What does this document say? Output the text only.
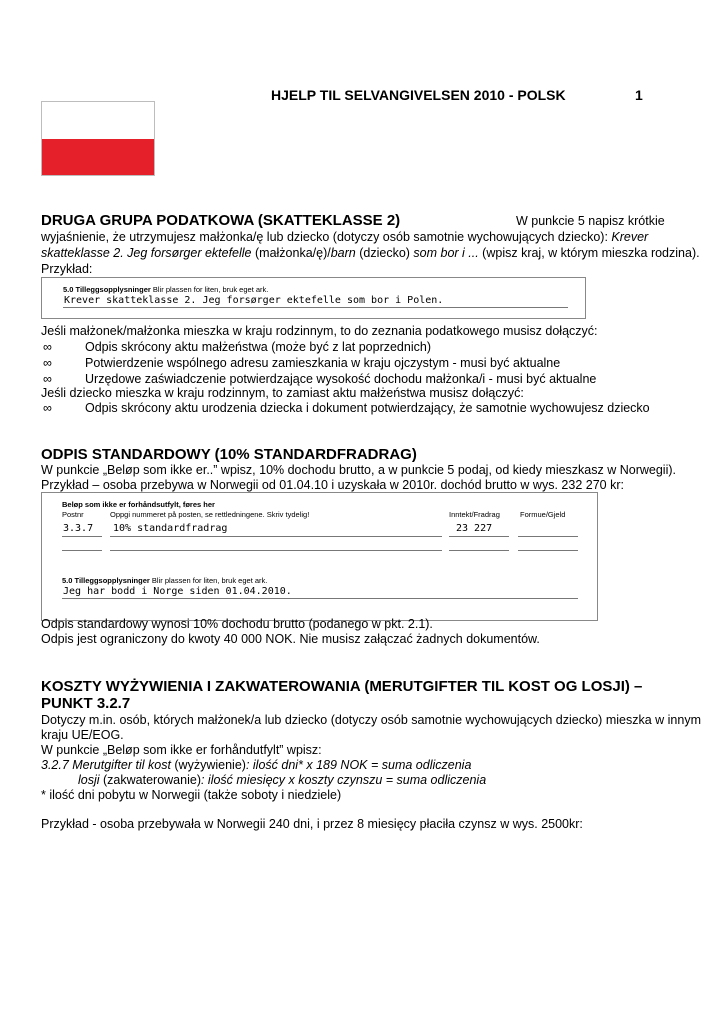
HJELP TIL SELVANGIVELSEN 2010 - POLSK	1
DRUGA GRUPA PODATKOWA (SKATTEKLASSE 2)	W punkcie 5 napisz krótkie
wyjaśnienie, że utrzymujesz małżonka/ę lub dziecko (dotyczy osób samotnie wychowujących dziecko): Krever
skatteklasse 2. Jeg forsørger ektefelle (małżonka/ę)/barn (dziecko) som bor i ... (wpisz kraj, w którym mieszka rodzina).
Przykład:
5.0 Tilleggsopplysninger Blir plassen for liten, bruk eget ark.
Krever skatteklasse 2. Jeg forsørger ektefelle som bor i Polen.
Jeśli małżonek/małżonka mieszka w kraju rodzinnym, to do zeznania podatkowego musisz dołączyć:
∞	Odpis skrócony aktu małżeństwa (może być z lat poprzednich)
∞	Potwierdzenie wspólnego adresu zamieszkania w kraju ojczystym - musi być aktualne
∞	Urzędowe zaświadczenie potwierdzające wysokość dochodu małżonka/i - musi być aktualne
Jeśli dziecko mieszka w kraju rodzinnym, to zamiast aktu małżeństwa musisz dołączyć:
∞	Odpis skrócony aktu urodzenia dziecka i dokument potwierdzający, że samotnie wychowujesz dziecko
ODPIS STANDARDOWY (10% STANDARDFRADRAG)
W punkcie „Beløp som ikke er..” wpisz, 10% dochodu brutto, a w punkcie 5 podaj, od kiedy mieszkasz w Norwegii).
Przykład – osoba przebywa w Norwegii od 01.04.10 i uzyskała w 2010r. dochód brutto w wys. 232 270 kr:
Beløp som ikke er forhåndsutfylt, føres her
Postnr	Oppgi nummeret på posten, se rettledningene. Skriv tydelig!	Inntekt/Fradrag	Formue/Gjeld
3.3.7 10% standardfradrag	23 227
5.0 Tilleggsopplysninger Blir plassen for liten, bruk eget ark.
Jeg har bodd i Norge siden 01.04.2010.
Odpis standardowy wynosi 10% dochodu brutto (podanego w pkt. 2.1).
Odpis jest ograniczony do kwoty 40 000 NOK. Nie musisz załączać żadnych dokumentów.
KOSZTY WYŻYWIENIA I ZAKWATEROWANIA (MERUTGIFTER TIL KOST OG LOSJI) –
PUNKT 3.2.7
Dotyczy m.in. osób, których małżonek/a lub dziecko (dotyczy osób samotnie wychowujących dziecko) mieszka w innym
kraju UE/EOG.
W punkcie „Beløp som ikke er forhåndutfylt” wpisz:
3.2.7 Merutgifter til kost (wyżywienie): ilość dni* x 189 NOK = suma odliczenia
losji (zakwaterowanie): ilość miesięcy x koszty czynszu = suma odliczenia
* ilość dni pobytu w Norwegii (także soboty i niedziele)
Przykład - osoba przebywała w Norwegii 240 dni, i przez 8 miesięcy płaciła czynsz w wys. 2500kr:
